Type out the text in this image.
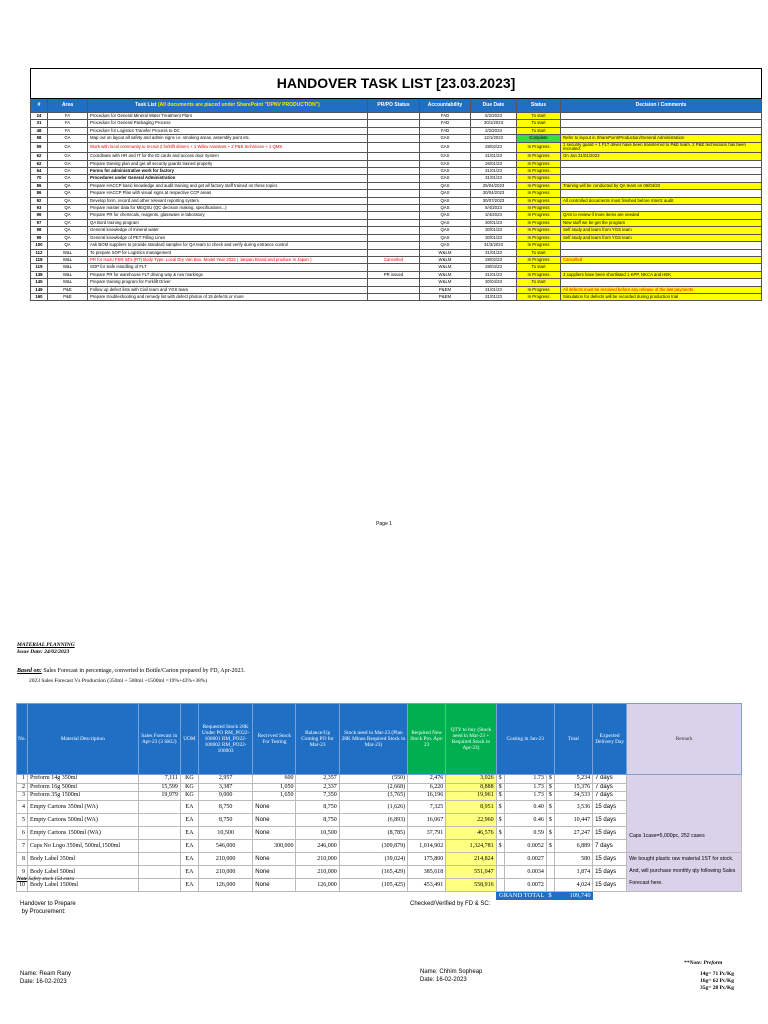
HANDOVER TASK LIST [23.03.2023]							
#	Area	Task List (All documents are placed under SharePoint "DPNV PRODUCTION")	PR/PO Status	Accountability	Due Date	Status	Decision / Comments
24	FA	Procedure for General Mineral Water Treatment Plant		FAD	5/2/2023	To start	
31	FA	Procedure for General Packaging Process		FAD	30/1/2023	To start	
48	FA	Procedure for Logistics Transfer Process to DC		FAD	2/2/2023	To start	
58	GA	Map out on layout all safety and admin signs i.e. smoking areas, assembly point etc.		GAS	12/1/2023	Complete	Refer to layout in SharePoint/Production/General Administration
59	GA	Work with local community to recruit 2 forklift drivers + 1 Wiiku Assistant + 2 P&E technician + 1 QMS		GAS	28/02/23	In Progress	1 security guard + 1 FLT driver have been transferred to P&E team. 2 P&E technicians has been recruited.
62	GA	Coordinate with HR and IT for the ID cards and access door system		GAS	31/01/23	In Progress	On Jan 31/01/2023
62	GA	Prepare training plan and get all security guards trained properly		GAS	26/01/23	In Progress	
64	GA	Forms for administrative work for factory		GAS	31/01/23	In Progress	
70	GA	Procedures under General Administration		GAS	31/01/23	In Progress	
86	QA	Prepare HACCP basic knowledge and audit training and get all factory staff trained on these topics		QAS	25/04/2023	In Progress	Training will be conducted by QA team on 06/04/23
86	QA	Prepare HACCP Plan with visual signs at respective CCP areas		QAS	30/04/2023	In Progress	
92	QA	Develop form, record and other relevant reporting system		QAS	30/07/2023	In Progress	All controlled documents must finished before Intertz audit
93	QA	Prepare master data for MEQSU (QC decision making, specifications...)		QAS	5/4/2023	In Progress	
96	QA	Prepare PR for chemicals, reagents, glassware in laboratory		QAS	3/4/2023	In Progress	QAS to review if more items are needed
97	QA	QA Bord training program		QAS	30/01/23	In Progress	New staff we be get the program
98	QA	General knowledge of mineral water		QAS	30/01/23	In Progress	Self study and learn from YGS team
99	QA	General knowledge of PET Filling Lines		QAS	30/01/23	In Progress	Self study and learn from YGS team
100	QA	Ask BOM suppliers to provide standard samples for QA team to check and verify during entrance control		QAS	31/3/2023	In Progress	
112	W&L	To prepare SOP for Logistics management		W&LM	31/01/23	To start	
118	W&L	PR for Isuzu FSR 34's (RT) Body Type: Local Dry Van Box. Model Year 2022 ( Janpan Brand and produce in Japan )	Cancelled	W&LM	28/02/23	In Progress	Cancelled
119	W&L	SOP for Safe Handling of FLT		W&LM	28/04/23	To start	
138	W&L	Prepare PR for warehouse FLT driving way & row markings	PR issued	W&LM	31/01/23	In Progress	3 suppliers have been shortlisted 1 KPP, NKCA and HEK
145	W&L	Prepare training program for Forklift Driver		W&LM	30/04/23	To start	
149	P&E	Follow up defect lists with Civil team and YGS team		P&EM	31/01/23	In Progress	All defects must be resolved before any release of the last payments
160	P&E	Prepare troubleshooting and remedy list with defect photos of 15 defects or more		P&EM	31/01/23	In Progress	Simulation for defects will be recorded during production trial
Page 1
MATERIAL PLANNING
Issue Date: 24/02/2023
Based on: Sales Forecast in percentage, converted to Bottle/Carton prepared by FD, Apr-2023.
2023 Sales Forecast Vs Production (350ml + 500ml +1500ml =19%+43%+38%)
No.	Material Description	Sales Forecast in Apr-23 (3 SKU)	UOM	Requested Stock 28K Under PO RM_PO22-100001 RM_PO22-100002 RM_PO22-100003	Recivved Stock For Testing	Balance/Up Coming PO for Mar-23	Stock need in Mar-23 (Plan 28K Minus Required Stock in Mar-23)	Required New Stock Pro. Apr-23	QTY to buy (Stock need in Mar-23 + Required Stock in Apr-23)	Costing in Jan-23			Total	Expected Delivery Day	Remark
1	Preform 14g 350ml	7,111	KG	2,957	600	2,357	(550)	2,476	3,026	$	1.73	$	5,234	7 days	Caps 1case=5,000pc, 252 cases

2	Preform 16g 500ml	15,599	KG	3,387	1,050	2,337	(2,668)	6,220	8,888	$	1.73	$	15,376	7 days	
3	Preform 35g 1500ml	19,979	KG	9,000	1,650	7,350	(3,765)	16,196	19,961	$	1.73	$	34,533	7 days	
4	Empty Cartons 350ml (WA)		EA	8,750	None	8,750	(1,626)	7,325	8,951	$	0.40	$	3,536	15 days	
5	Empty Cartons 500ml (WA)		EA	8,750	None	8,750	(6,893)	16,067	22,960	$	0.46	$	10,447	15 days	
6	Empty Cartons 1500ml (WA)		EA	10,500	None	10,500	(8,785)	37,791	46,576	$	0.59	$	27,247	15 days	
7	Caps No Logo 350ml, 500ml,1500ml		EA	546,000	300,000	246,000	(309,879)	1,014,902	1,324,781	$	0.0052	$	6,889	7 days	
8	Body Label 350ml		EA	210,000	None	210,000	(39,024)	175,800	214,824		0.0027		580	15 days	We bought plastic raw material 1ST for stock. And, will purchase monthly qty following Sales Forecast here.
9	Body Label 500ml		EA	210,000	None	210,000	(165,429)	385,618	551,047		0.0034		1,874	15 days	
10	Body Label 1500ml		EA	126,000	None	126,000	(105,425)	453,491	558,916		0.0072		4,024	15 days	
										GRAND TOTAL		$	109,740		
Note Safety stock 15d extra
Handover to Prepare
by Procurement:
Checked/Verified by FD & SC:
Name: Ream Rany
Date: 16-02-2023
Name: Chhim Sopheap
Date: 16-02-2023
**Note: Preform
14g= 71 Pc/Kg
16g= 62 Pc/Kg
35g= 28 Pc/Kg
